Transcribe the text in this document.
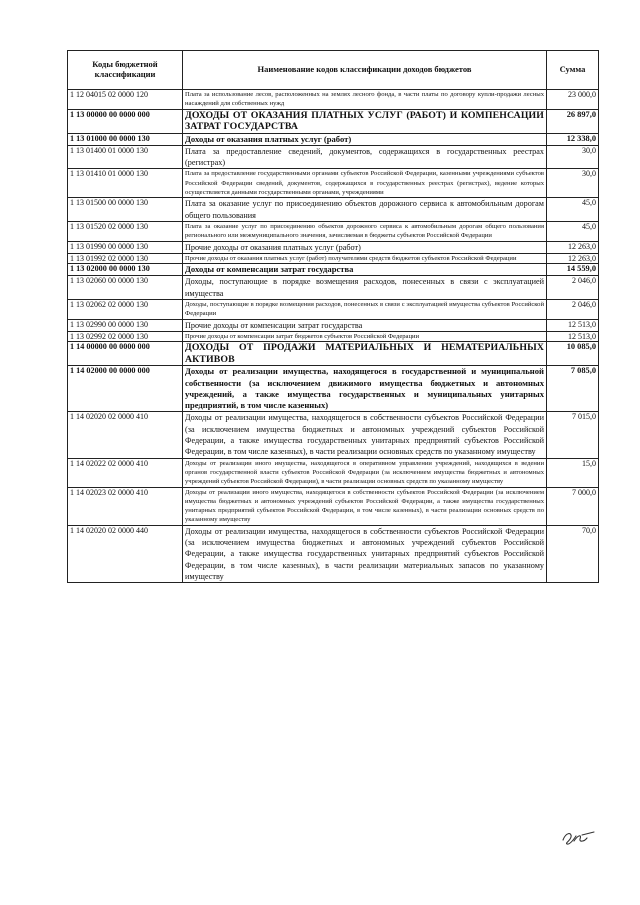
Коды бюджетной классификации	Наименование кодов классификации доходов бюджетов	Сумма
1 12 04015 02 0000 120	Плата за использование лесов, расположенных на землях лесного фонда, в части платы по договору купли-продажи лесных насаждений для собственных нужд	23 000,0
1 13 00000 00 0000 000	ДОХОДЫ ОТ ОКАЗАНИЯ ПЛАТНЫХ УСЛУГ (РАБОТ) И КОМПЕНСАЦИИ ЗАТРАТ ГОСУДАРСТВА	26 897,0
1 13 01000 00 0000 130	Доходы от оказания платных услуг (работ)	12 338,0
1 13 01400 01 0000 130	Плата за предоставление сведений, документов, содержащихся в государственных реестрах (регистрах)	30,0
1 13 01410 01 0000 130	Плата за предоставление государственными органами субъектов Российской Федерации, казенными учреждениями субъектов Российской Федерации сведений, документов, содержащихся в государственных реестрах (регистрах), ведение которых осуществляется данными государственными органами, учреждениями	30,0
1 13 01500 00 0000 130	Плата за оказание услуг по присоединению объектов дорожного сервиса к автомобильным дорогам общего пользования	45,0
1 13 01520 02 0000 130	Плата за оказание услуг по присоединению объектов дорожного сервиса к автомобильным дорогам общего пользования регионального или межмуниципального значения, зачисляемая в бюджеты субъектов Российской Федерации	45,0
1 13 01990 00 0000 130	Прочие доходы от оказания платных услуг (работ)	12 263,0
1 13 01992 02 0000 130	Прочие доходы от оказания платных услуг (работ) получателями средств бюджетов субъектов Российской Федерации	12 263,0
1 13 02000 00 0000 130	Доходы от компенсации затрат государства	14 559,0
1 13 02060 00 0000 130	Доходы, поступающие в порядке возмещения расходов, понесенных в связи с эксплуатацией имущества	2 046,0
1 13 02062 02 0000 130	Доходы, поступающие в порядке возмещения расходов, понесенных в связи с эксплуатацией имущества субъектов Российской Федерации	2 046,0
1 13 02990 00 0000 130	Прочие доходы от компенсации затрат государства	12 513,0
1 13 02992 02 0000 130	Прочие доходы от компенсации затрат бюджетов субъектов Российской Федерации	12 513,0
1 14 00000 00 0000 000	ДОХОДЫ ОТ ПРОДАЖИ МАТЕРИАЛЬНЫХ И НЕМАТЕРИАЛЬНЫХ АКТИВОВ	10 085,0
1 14 02000 00 0000 000	Доходы от реализации имущества, находящегося в государственной и муниципальной собственности (за исключением движимого имущества бюджетных и автономных учреждений, а также имущества государственных и муниципальных унитарных предприятий, в том числе казенных)	7 085,0
1 14 02020 02 0000 410	Доходы от реализации имущества, находящегося в собственности субъектов Российской Федерации (за исключением имущества бюджетных и автономных учреждений субъектов Российской Федерации, а также имущества государственных унитарных предприятий субъектов Российской Федерации, в том числе казенных), в части реализации основных средств по указанному имуществу	7 015,0
1 14 02022 02 0000 410	Доходы от реализации иного имущества, находящегося в оперативном управлении учреждений, находящихся в ведении органов государственной власти субъектов Российской Федерации (за исключением имущества бюджетных и автономных учреждений субъектов Российской Федерации), в части реализации основных средств по указанному имуществу	15,0
1 14 02023 02 0000 410	Доходы от реализации иного имущества, находящегося в собственности субъектов Российской Федерации (за исключением имущества бюджетных и автономных учреждений субъектов Российской Федерации, а также имущества государственных унитарных предприятий субъектов Российской Федерации, в том числе казенных), в части реализации основных средств по указанному имуществу	7 000,0
1 14 02020 02 0000 440	Доходы от реализации имущества, находящегося в собственности субъектов Российской Федерации (за исключением имущества бюджетных и автономных учреждений субъектов Российской Федерации, а также имущества государственных унитарных предприятий субъектов Российской Федерации, в том числе казенных), в части реализации материальных запасов по указанному имуществу	70,0
